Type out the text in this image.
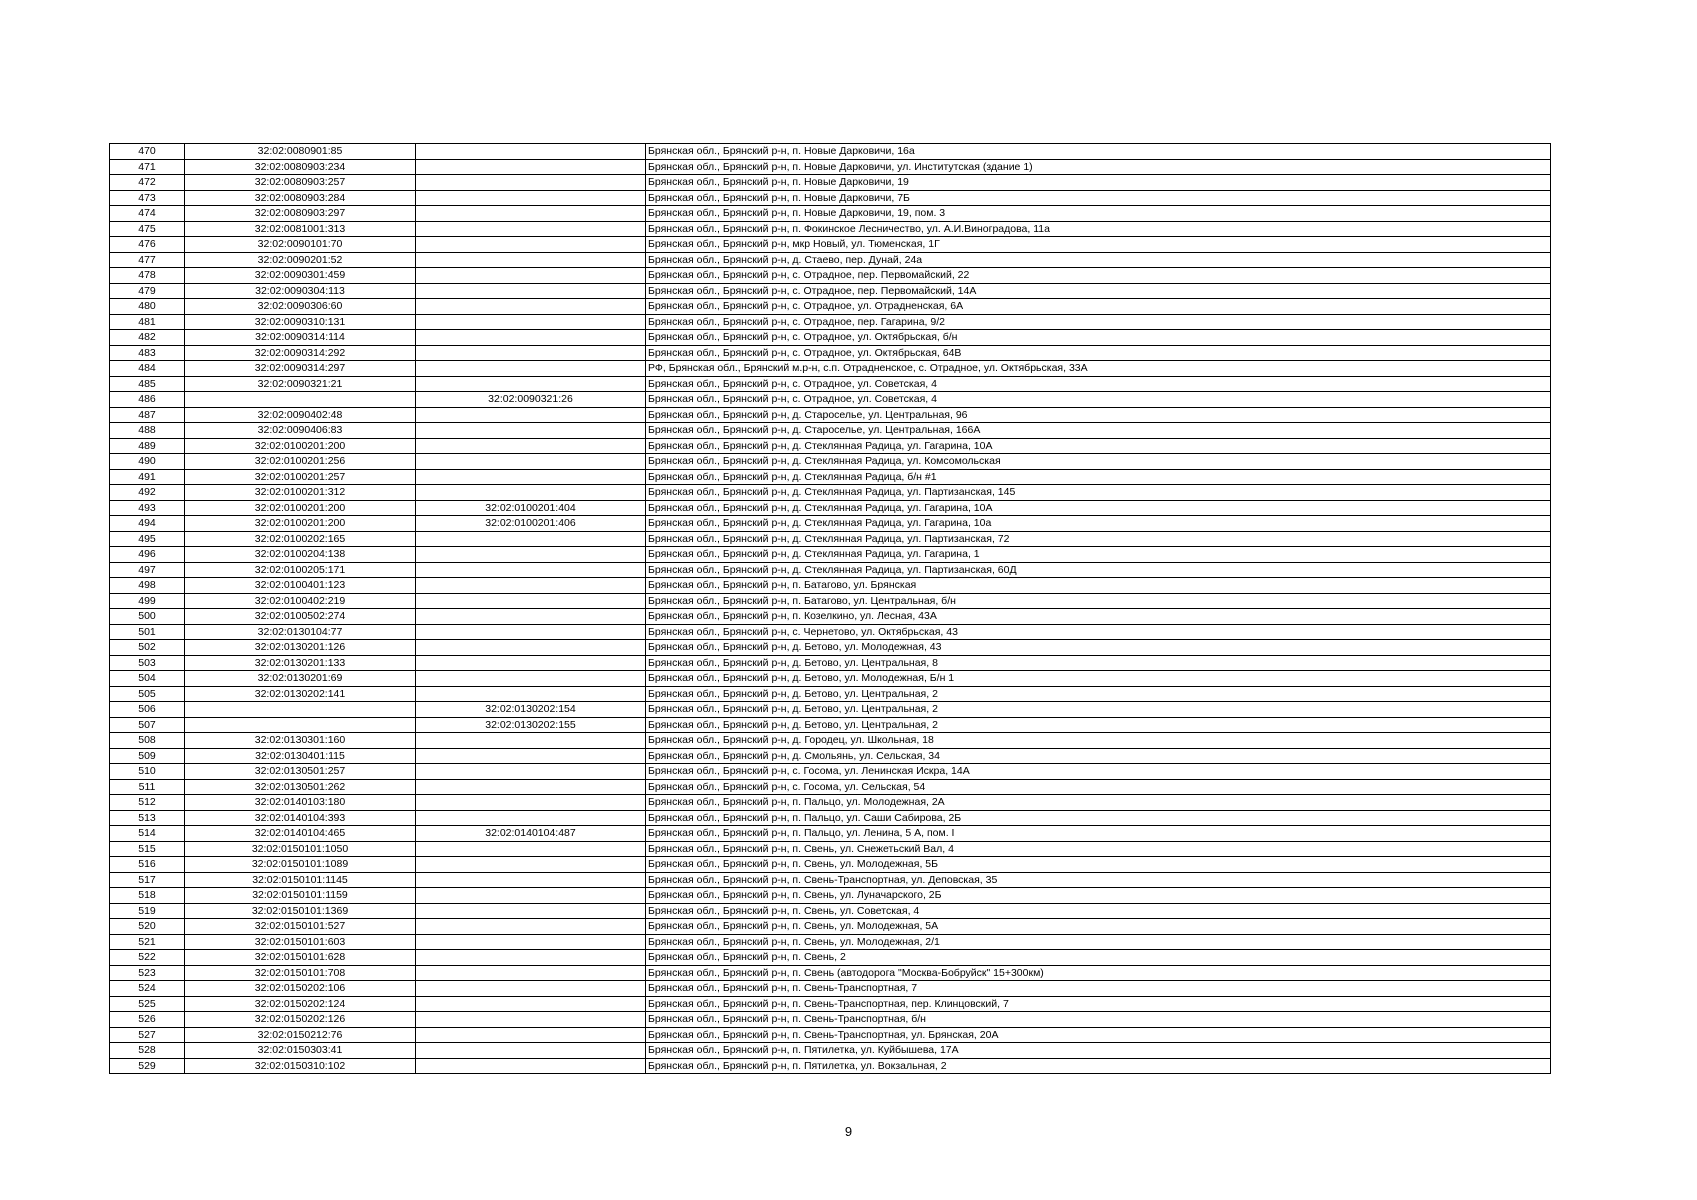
470	32:02:0080901:85		Брянская обл., Брянский р-н, п. Новые Дарковичи, 16а
471	32:02:0080903:234		Брянская обл., Брянский р-н, п. Новые Дарковичи, ул. Институтская (здание 1)
472	32:02:0080903:257		Брянская обл., Брянский р-н, п. Новые Дарковичи, 19
473	32:02:0080903:284		Брянская обл., Брянский р-н, п. Новые Дарковичи, 7Б
474	32:02:0080903:297		Брянская обл., Брянский р-н, п. Новые Дарковичи, 19, пом. 3
475	32:02:0081001:313		Брянская обл., Брянский р-н, п. Фокинское Лесничество, ул. А.И.Виноградова, 11а
476	32:02:0090101:70		Брянская обл., Брянский р-н, мкр Новый, ул. Тюменская, 1Г
477	32:02:0090201:52		Брянская обл., Брянский р-н, д. Стаево, пер. Дунай, 24а
478	32:02:0090301:459		Брянская обл., Брянский р-н, с. Отрадное, пер. Первомайский, 22
479	32:02:0090304:113		Брянская обл., Брянский р-н, с. Отрадное, пер. Первомайский, 14А
480	32:02:0090306:60		Брянская обл., Брянский р-н, с. Отрадное, ул. Отрадненская, 6А
481	32:02:0090310:131		Брянская обл., Брянский р-н, с. Отрадное, пер. Гагарина, 9/2
482	32:02:0090314:114		Брянская обл., Брянский р-н, с. Отрадное, ул. Октябрьская, б/н
483	32:02:0090314:292		Брянская обл., Брянский р-н, с. Отрадное, ул. Октябрьская, 64В
484	32:02:0090314:297		РФ, Брянская обл., Брянский м.р-н, с.п. Отрадненское, с. Отрадное, ул. Октябрьская, 33А
485	32:02:0090321:21		Брянская обл., Брянский р-н, с. Отрадное, ул. Советская, 4
486		32:02:0090321:26	Брянская обл., Брянский р-н, с. Отрадное, ул. Советская, 4
487	32:02:0090402:48		Брянская обл., Брянский р-н, д. Староселье, ул. Центральная, 96
488	32:02:0090406:83		Брянская обл., Брянский р-н, д. Староселье, ул. Центральная, 166А
489	32:02:0100201:200		Брянская обл., Брянский р-н, д. Стеклянная Радица, ул. Гагарина, 10А
490	32:02:0100201:256		Брянская обл., Брянский р-н, д. Стеклянная Радица, ул. Комсомольская
491	32:02:0100201:257		Брянская обл., Брянский р-н, д. Стеклянная Радица, б/н #1
492	32:02:0100201:312		Брянская обл., Брянский р-н, д. Стеклянная Радица, ул. Партизанская, 145
493	32:02:0100201:200	32:02:0100201:404	Брянская обл., Брянский р-н, д. Стеклянная Радица, ул. Гагарина, 10А
494	32:02:0100201:200	32:02:0100201:406	Брянская обл., Брянский р-н, д. Стеклянная Радица, ул. Гагарина, 10а
495	32:02:0100202:165		Брянская обл., Брянский р-н, д. Стеклянная Радица, ул. Партизанская, 72
496	32:02:0100204:138		Брянская обл., Брянский р-н, д. Стеклянная Радица, ул. Гагарина, 1
497	32:02:0100205:171		Брянская обл., Брянский р-н, д. Стеклянная Радица, ул. Партизанская, 60Д
498	32:02:0100401:123		Брянская обл., Брянский р-н, п. Батагово, ул. Брянская
499	32:02:0100402:219		Брянская обл., Брянский р-н, п. Батагово, ул. Центральная, б/н
500	32:02:0100502:274		Брянская обл., Брянский р-н, п. Козелкино, ул. Лесная, 43А
501	32:02:0130104:77		Брянская обл., Брянский р-н, с. Чернетово, ул. Октябрьская, 43
502	32:02:0130201:126		Брянская обл., Брянский р-н, д. Бетово, ул. Молодежная, 43
503	32:02:0130201:133		Брянская обл., Брянский р-н, д. Бетово, ул. Центральная, 8
504	32:02:0130201:69		Брянская обл., Брянский р-н, д. Бетово, ул. Молодежная, Б/н 1
505	32:02:0130202:141		Брянская обл., Брянский р-н, д. Бетово, ул. Центральная, 2
506		32:02:0130202:154	Брянская обл., Брянский р-н, д. Бетово, ул. Центральная, 2
507		32:02:0130202:155	Брянская обл., Брянский р-н, д. Бетово, ул. Центральная, 2
508	32:02:0130301:160		Брянская обл., Брянский р-н, д. Городец, ул. Школьная, 18
509	32:02:0130401:115		Брянская обл., Брянский р-н, д. Смольянь, ул. Сельская, 34
510	32:02:0130501:257		Брянская обл., Брянский р-н, с. Госома, ул. Ленинская Искра, 14А
511	32:02:0130501:262		Брянская обл., Брянский р-н, с. Госома, ул. Сельская, 54
512	32:02:0140103:180		Брянская обл., Брянский р-н, п. Пальцо, ул. Молодежная, 2А
513	32:02:0140104:393		Брянская обл., Брянский р-н, п. Пальцо, ул. Саши Сабирова, 2Б
514	32:02:0140104:465	32:02:0140104:487	Брянская обл., Брянский р-н, п. Пальцо, ул. Ленина, 5 А, пом. I
515	32:02:0150101:1050		Брянская обл., Брянский р-н, п. Свень, ул. Снежетьский Вал, 4
516	32:02:0150101:1089		Брянская обл., Брянский р-н, п. Свень, ул. Молодежная, 5Б
517	32:02:0150101:1145		Брянская обл., Брянский р-н, п. Свень-Транспортная, ул. Деповская, 35
518	32:02:0150101:1159		Брянская обл., Брянский р-н, п. Свень, ул. Луначарского, 2Б
519	32:02:0150101:1369		Брянская обл., Брянский р-н, п. Свень, ул. Советская, 4
520	32:02:0150101:527		Брянская обл., Брянский р-н, п. Свень, ул. Молодежная, 5А
521	32:02:0150101:603		Брянская обл., Брянский р-н, п. Свень, ул. Молодежная, 2/1
522	32:02:0150101:628		Брянская обл., Брянский р-н, п. Свень, 2
523	32:02:0150101:708		Брянская обл., Брянский р-н, п. Свень (автодорога "Москва-Бобруйск" 15+300км)
524	32:02:0150202:106		Брянская обл., Брянский р-н, п. Свень-Транспортная, 7
525	32:02:0150202:124		Брянская обл., Брянский р-н, п. Свень-Транспортная, пер. Клинцовский, 7
526	32:02:0150202:126		Брянская обл., Брянский р-н, п. Свень-Транспортная, б/н
527	32:02:0150212:76		Брянская обл., Брянский р-н, п. Свень-Транспортная, ул. Брянская, 20А
528	32:02:0150303:41		Брянская обл., Брянский р-н, п. Пятилетка, ул. Куйбышева, 17А
529	32:02:0150310:102		Брянская обл., Брянский р-н, п. Пятилетка, ул. Вокзальная, 2
9
